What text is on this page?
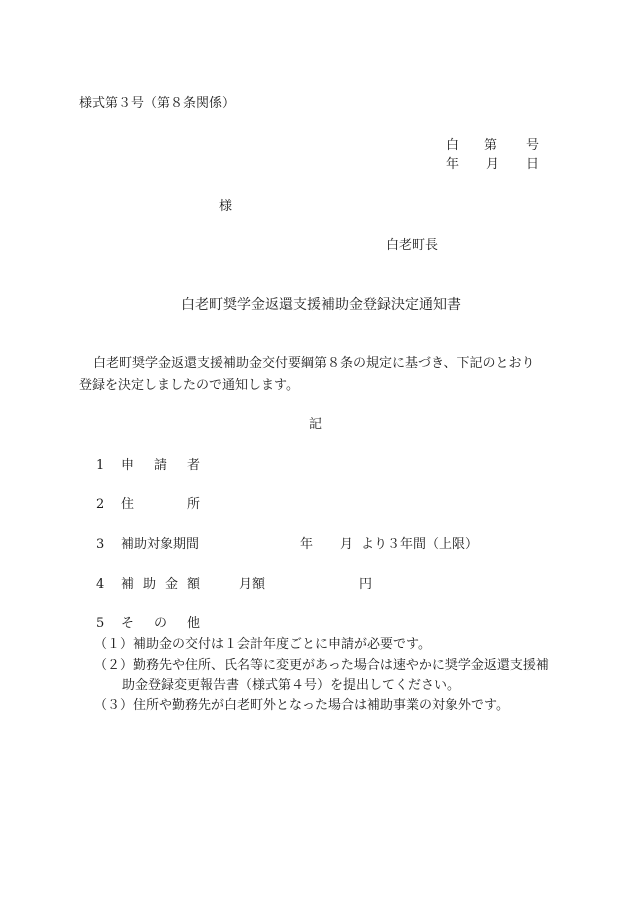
様式第３号（第８条関係）
白 第 号
年 月 日
様
白老町長
白老町奨学金返還支援補助金登録決定通知書
白老町奨学金返還支援補助金交付要綱第８条の規定に基づき、下記のとおり
登録を決定しましたので通知します。
記
1 申 請 者
2 住	所
3 補助対象期間	年 月 より３年間（上限）
4 補 助 金 額	月額	円
5 そ の 他
（１）補助金の交付は１会計年度ごとに申請が必要です。
（２）勤務先や住所、氏名等に変更があった場合は速やかに奨学金返還支援補
助金登録変更報告書（様式第４号）を提出してください。
（３）住所や勤務先が白老町外となった場合は補助事業の対象外です。
